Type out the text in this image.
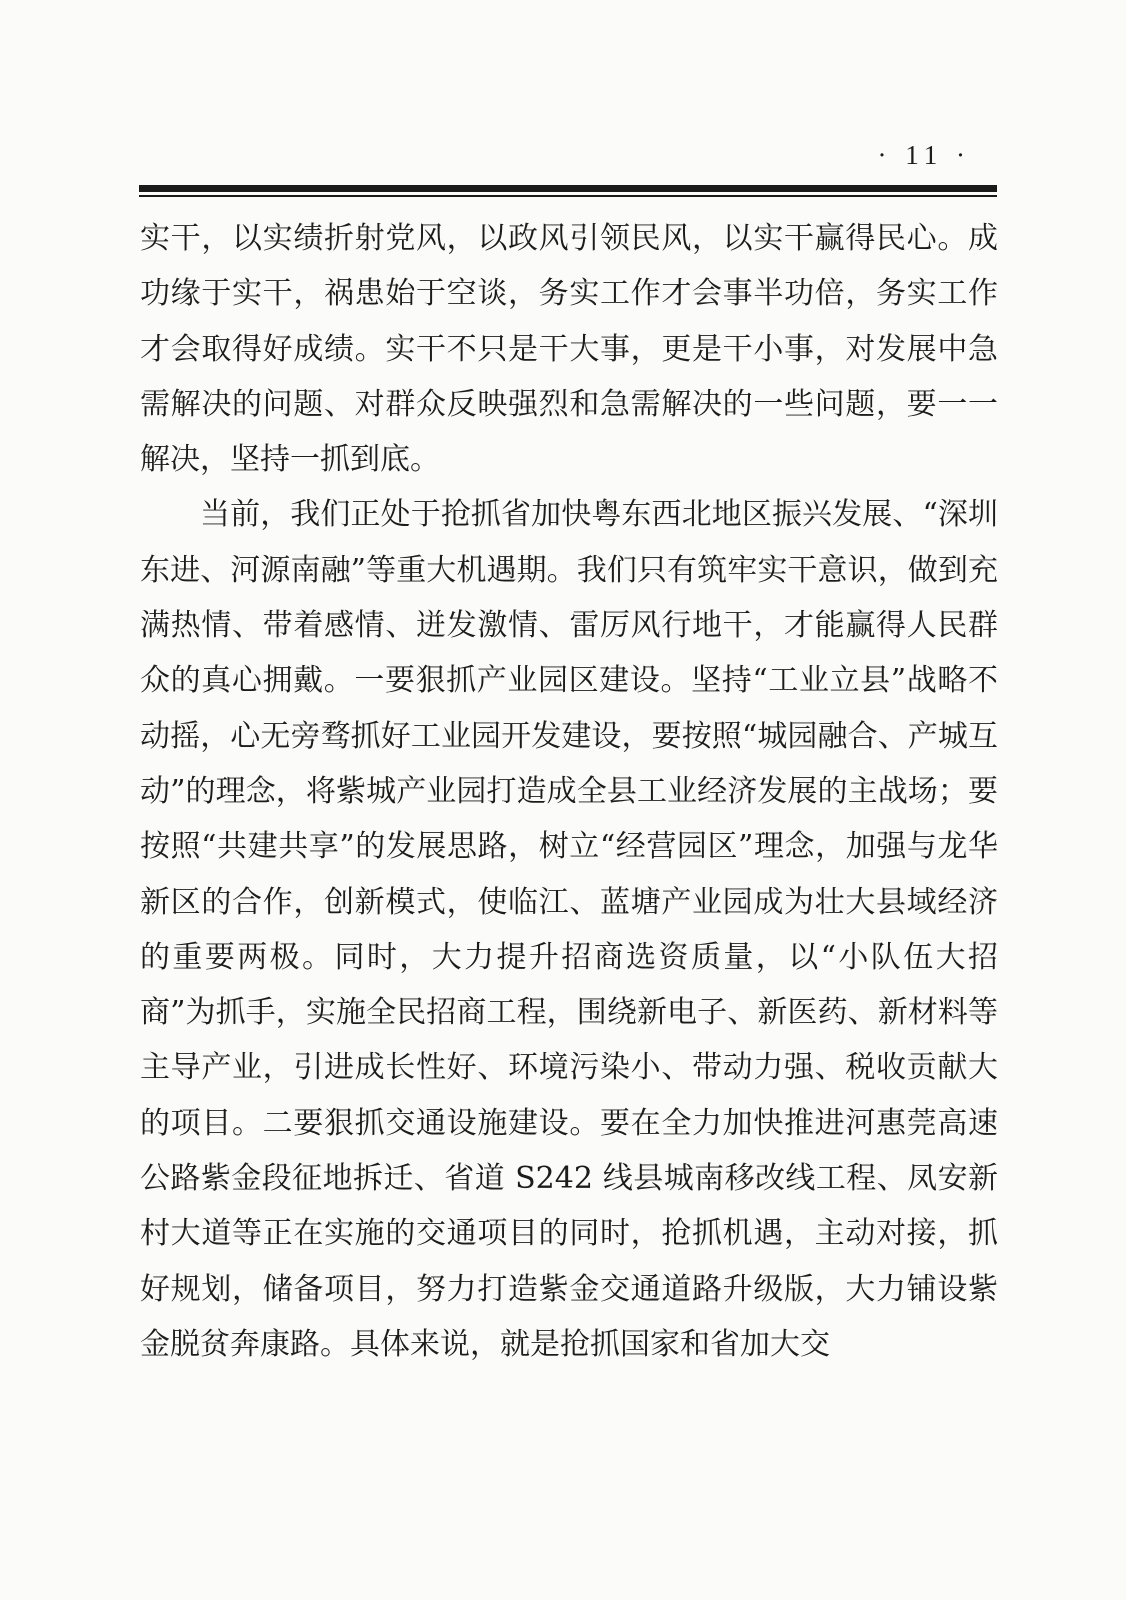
· 11 ·

实干，以实绩折射党风，以政风引领民风，以实干赢得民心。成功缘于实干，祸患始于空谈，务实工作才会事半功倍，务实工作才会取得好成绩。实干不只是干大事，更是干小事，对发展中急需解决的问题、对群众反映强烈和急需解决的一些问题，要一一解决，坚持一抓到底。

当前，我们正处于抢抓省加快粤东西北地区振兴发展、“深圳东进、河源南融”等重大机遇期。我们只有筑牢实干意识，做到充满热情、带着感情、迸发激情、雷厉风行地干，才能赢得人民群众的真心拥戴。一要狠抓产业园区建设。坚持“工业立县”战略不动摇，心无旁骛抓好工业园开发建设，要按照“城园融合、产城互动”的理念，将紫城产业园打造成全县工业经济发展的主战场；要按照“共建共享”的发展思路，树立“经营园区”理念，加强与龙华新区的合作，创新模式，使临江、蓝塘产业园成为壮大县域经济的重要两极。同时，大力提升招商选资质量，以“小队伍大招商”为抓手，实施全民招商工程，围绕新电子、新医药、新材料等主导产业，引进成长性好、环境污染小、带动力强、税收贡献大的项目。二要狠抓交通设施建设。要在全力加快推进河惠莞高速公路紫金段征地拆迁、省道 S242 线县城南移改线工程、凤安新村大道等正在实施的交通项目的同时，抢抓机遇，主动对接，抓好规划，储备项目，努力打造紫金交通道路升级版，大力铺设紫金脱贫奔康路。具体来说，就是抢抓国家和省加大交
